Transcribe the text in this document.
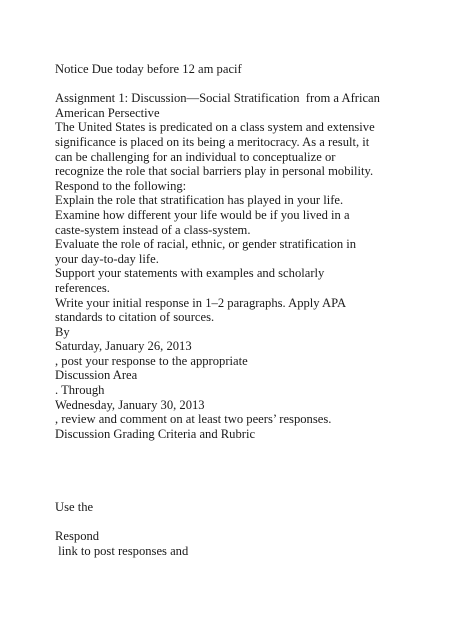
Notice Due today before 12 am pacif
Assignment 1: Discussion—Social Stratification  from a African
American Persective
The United States is predicated on a class system and extensive
significance is placed on its being a meritocracy. As a result, it
can be challenging for an individual to conceptualize or
recognize the role that social barriers play in personal mobility.
Respond to the following:
Explain the role that stratification has played in your life.
Examine how different your life would be if you lived in a
caste-system instead of a class-system.
Evaluate the role of racial, ethnic, or gender stratification in
your day-to-day life.
Support your statements with examples and scholarly
references.
Write your initial response in 1–2 paragraphs. Apply APA
standards to citation of sources.
By
Saturday, January 26, 2013
, post your response to the appropriate
Discussion Area
. Through
Wednesday, January 30, 2013
, review and comment on at least two peers’ responses.
Discussion Grading Criteria and Rubric
Use the
Respond
link to post responses and
